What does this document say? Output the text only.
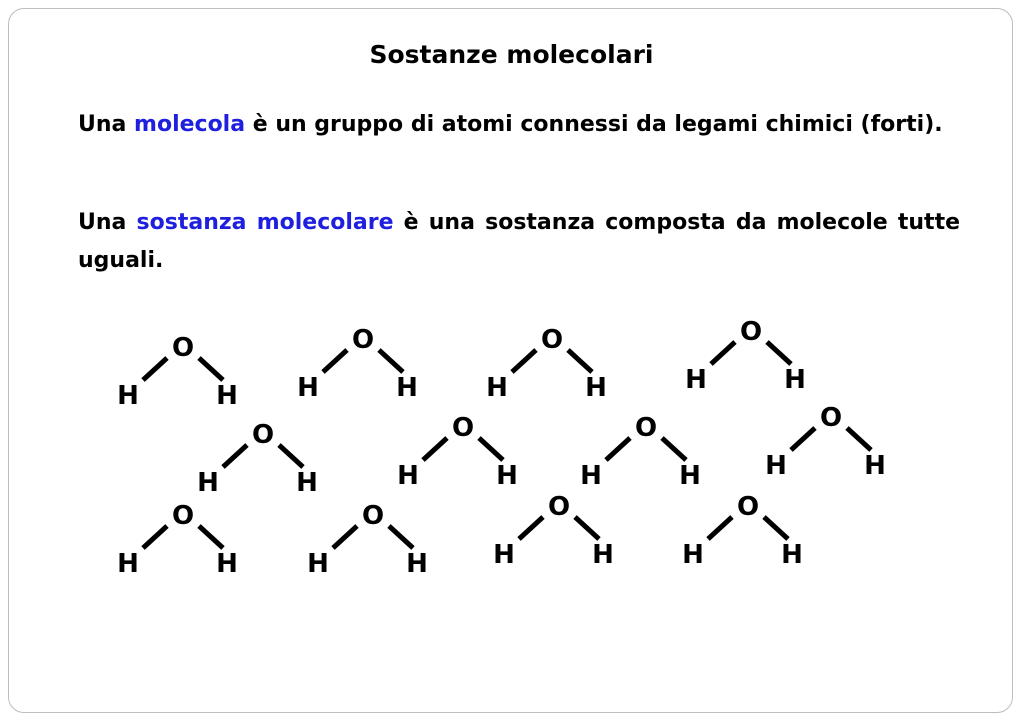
Sostanze molecolari
Una molecola è un gruppo di atomi connessi da legami chimici (forti).
Una sostanza molecolare è una sostanza composta da molecole tutte uguali.
O
H	H
O
H	H
O
H	H
O
H	H
O
H	H
O
H	H
O
H	H
O
H	H
O
H	H
O
H	H
O
H	H
O
H	H
